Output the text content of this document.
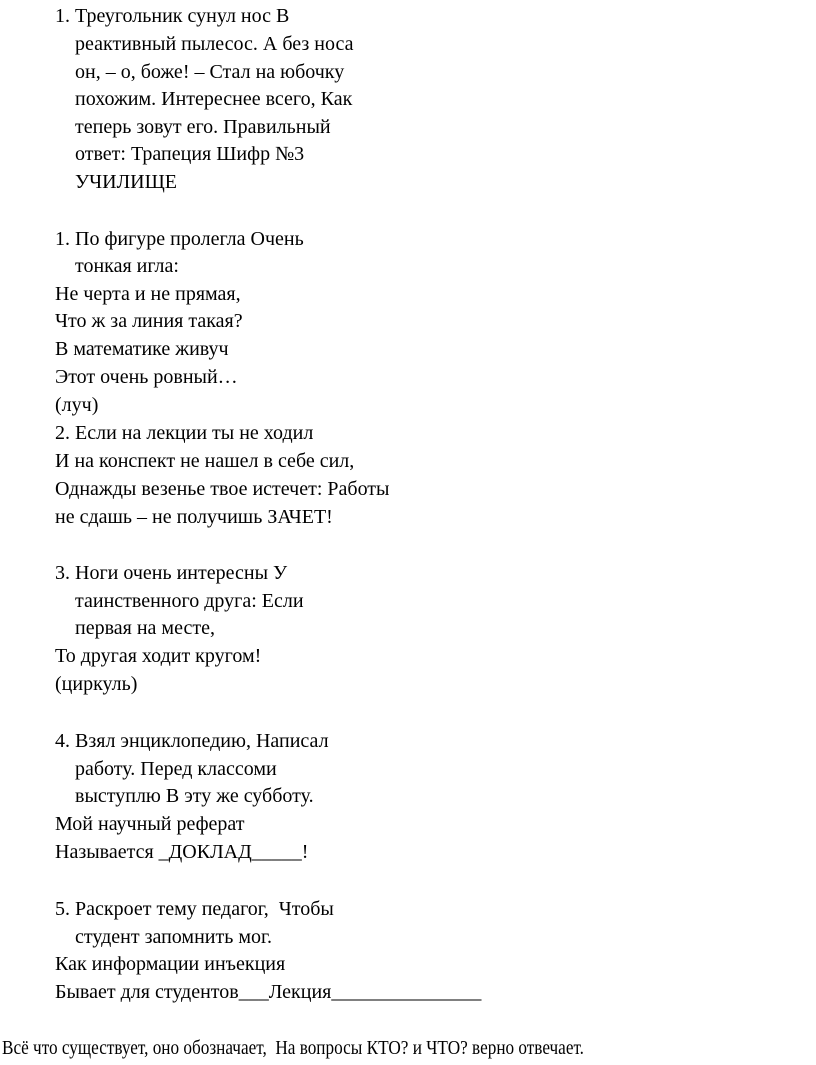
1. Треугольник сунул нос В
реактивный пылесос. А без носа
он, – о, боже! – Стал на юбочку
похожим. Интереснее всего, Как
теперь зовут его. Правильный
ответ: Трапеция Шифр №3
УЧИЛИЩЕ
1. По фигуре пролегла Очень
тонкая игла:
Не черта и не прямая,
Что ж за линия такая?
В математике живуч
Этот очень ровный…
(луч)
2. Если на лекции ты не ходил
И на конспект не нашел в себе сил,
Однажды везенье твое истечет: Работы
не сдашь – не получишь ЗАЧЕТ!
3. Ноги очень интересны У
таинственного друга: Если
первая на месте,
То другая ходит кругом!
(циркуль)
4. Взял энциклопедию, Написал
работу. Перед классоми
выступлю В эту же субботу.
Мой научный реферат
Называется _ДОКЛАД_____!
5. Раскроет тему педагог,  Чтобы
студент запомнить мог.
Как информации инъекция
Бывает для студентов___Лекция_______________
Всё что существует, оно обозначает,  На вопросы КТО? и ЧТО? верно отвечает.
